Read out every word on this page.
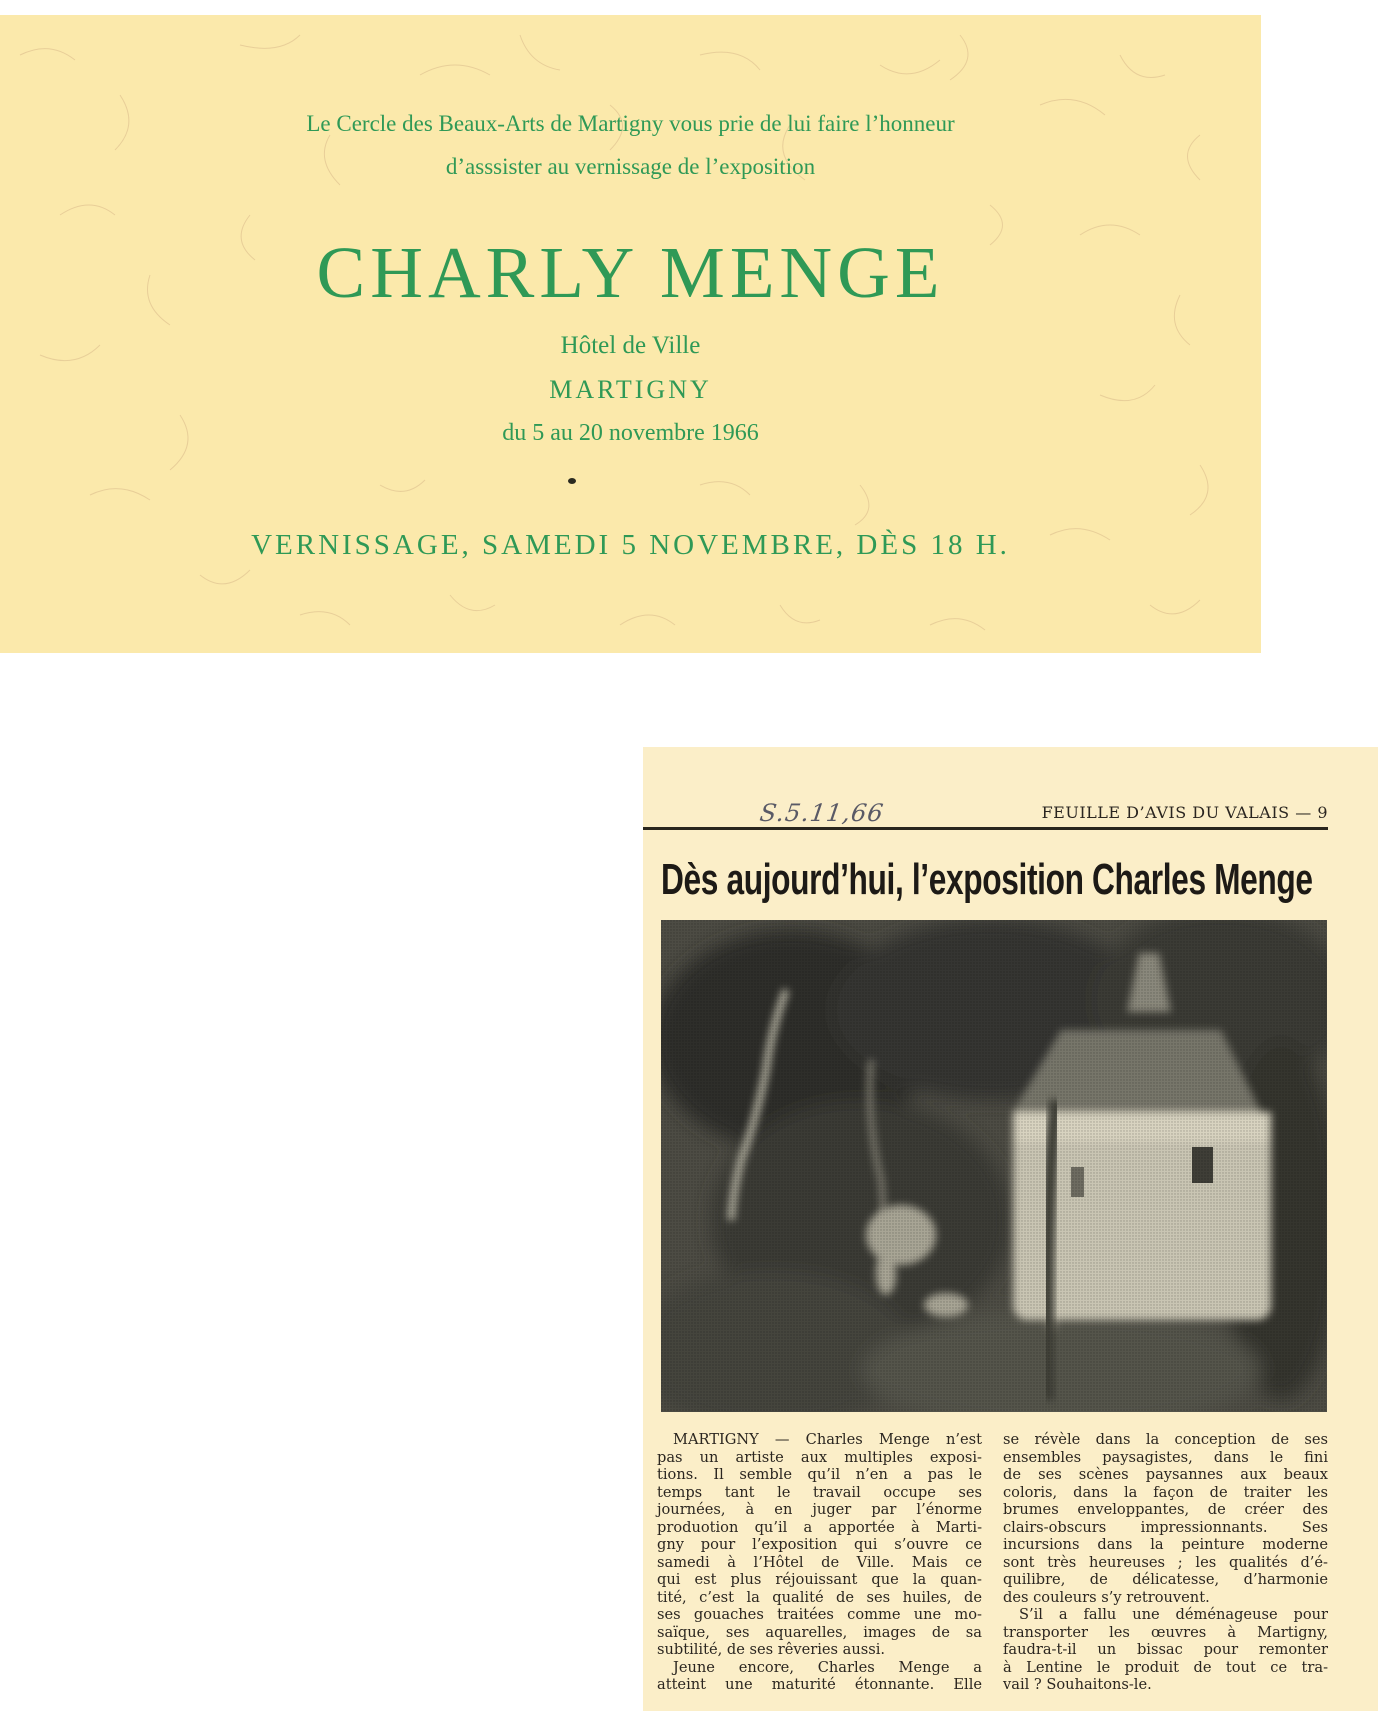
Le Cercle des Beaux-Arts de Martigny vous prie de lui faire l’honneur
d’asssister au vernissage de l’exposition
CHARLY MENGE
Hôtel de Ville
MARTIGNY
du 5 au 20 novembre 1966
VERNISSAGE, SAMEDI 5 NOVEMBRE, DÈS 18 H.
S.5.11,66	FEUILLE D’AVIS DU VALAIS — 9
Dès aujourd’hui, l’exposition Charles Menge
MARTIGNY — Charles Menge n’est
pas un artiste aux multiples exposi-
tions. Il semble qu’il n’en a pas le
temps tant le travail occupe ses
journées, à en juger par l’énorme
produotion qu’il a apportée à Marti-
gny pour l’exposition qui s’ouvre ce
samedi à l’Hôtel de Ville. Mais ce
qui est plus réjouissant que la quan-
tité, c’est la qualité de ses huiles, de
ses gouaches traitées comme une mo-
saïque, ses aquarelles, images de sa
subtilité, de ses rêveries aussi.
Jeune encore, Charles Menge a
atteint une maturité étonnante. Elle
se révèle dans la conception de ses
ensembles paysagistes, dans le fini
de ses scènes paysannes aux beaux
coloris, dans la façon de traiter les
brumes enveloppantes, de créer des
clairs-obscurs impressionnants. Ses
incursions dans la peinture moderne
sont très heureuses ; les qualités d’é-
quilibre, de délicatesse, d’harmonie
des couleurs s’y retrouvent.
S’il a fallu une déménageuse pour
transporter les œuvres à Martigny,
faudra-t-il un bissac pour remonter
à Lentine le produit de tout ce tra-
vail ? Souhaitons-le.
